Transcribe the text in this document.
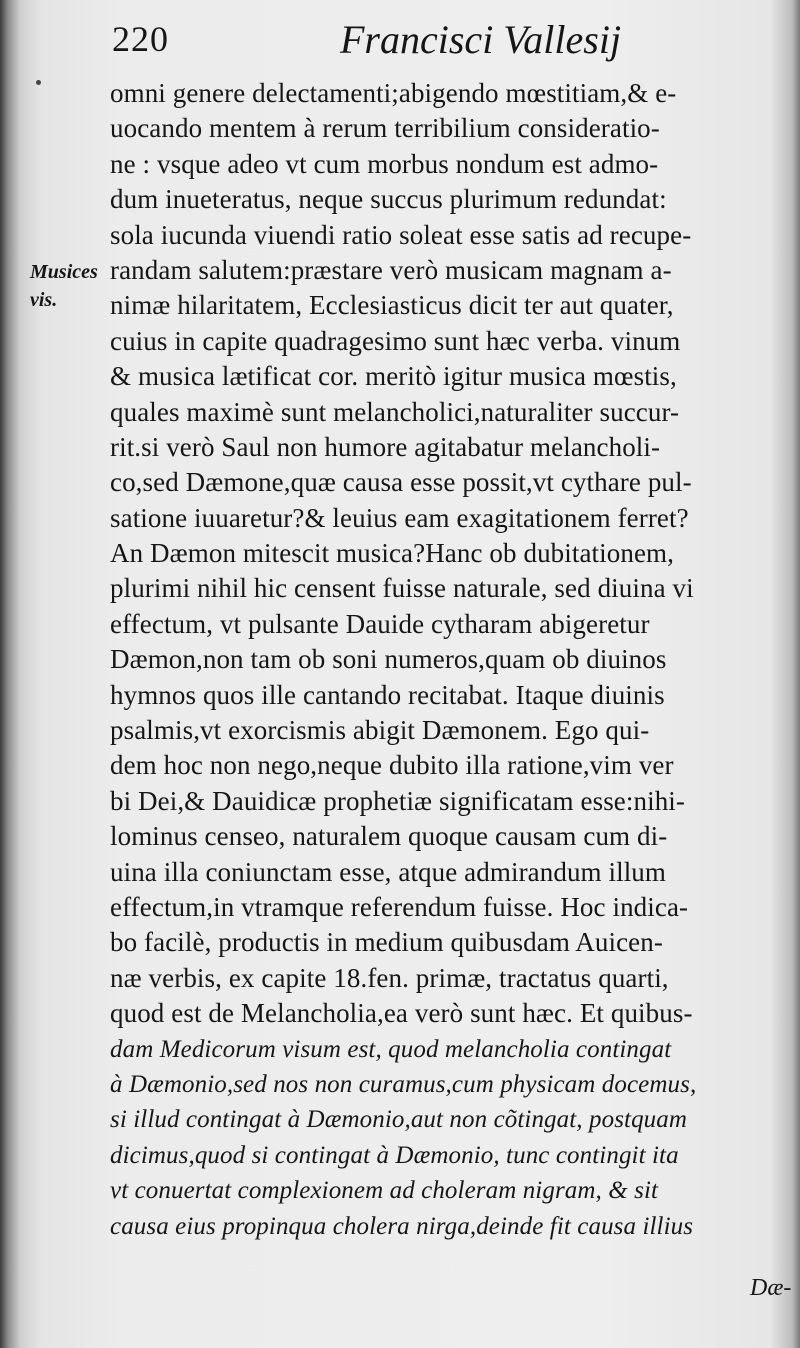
220	Francisci Vallesij
Musices
vis.
omni genere delectamenti;abigendo mœstitiam,& e-
uocando mentem à rerum terribilium consideratio-
ne : vsque adeo vt cum morbus nondum est admo-
dum inueteratus, neque succus plurimum redundat:
sola iucunda viuendi ratio soleat esse satis ad recupe-
randam salutem:præstare verò musicam magnam a-
nimæ hilaritatem, Ecclesiasticus dicit ter aut quater,
cuius in capite quadragesimo sunt hæc verba. vinum
& musica lætificat cor. meritò igitur musica mœstis,
quales maximè sunt melancholici,naturaliter succur-
rit.si verò Saul non humore agitabatur melancholi-
co,sed Dæmone,quæ causa esse possit,vt cythare pul-
satione iuuaretur?& leuius eam exagitationem ferret?
An Dæmon mitescit musica?Hanc ob dubitationem,
plurimi nihil hic censent fuisse naturale, sed diuina vi
effectum, vt pulsante Dauide cytharam abigeretur
Dæmon,non tam ob soni numeros,quam ob diuinos
hymnos quos ille cantando recitabat. Itaque diuinis
psalmis,vt exorcismis abigit Dæmonem. Ego qui-
dem hoc non nego,neque dubito illa ratione,vim ver
bi Dei,& Dauidicæ prophetiæ significatam esse:nihi-
lominus censeo, naturalem quoque causam cum di-
uina illa coniunctam esse, atque admirandum illum
effectum,in vtramque referendum fuisse. Hoc indica-
bo facilè, productis in medium quibusdam Auicen-
næ verbis, ex capite 18.fen. primæ, tractatus quarti,
quod est de Melancholia,ea verò sunt hæc. Et quibus-
dam Medicorum visum est, quod melancholia contingat
à Dæmonio,sed nos non curamus,cum physicam docemus,
si illud contingat à Dæmonio,aut non cõtingat, postquam
dicimus,quod si contingat à Dæmonio, tunc contingit ita
vt conuertat complexionem ad choleram nigram, & sit
causa eius propinqua cholera nirga,deinde fit causa illius
Dæ-
